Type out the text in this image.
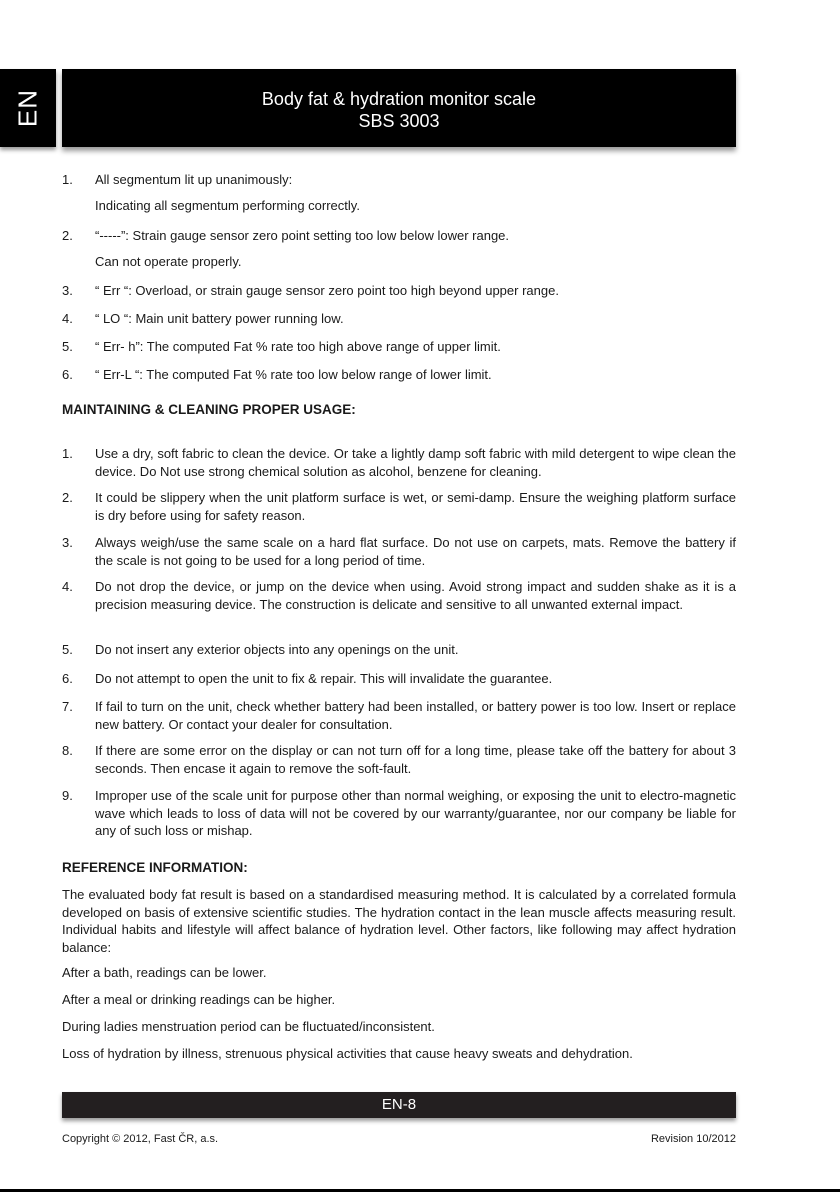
EN	Body fat & hydration monitor scale
SBS 3003
1. All segmentum lit up unanimously:
Indicating all segmentum performing correctly.
2. “-----”: Strain gauge sensor zero point setting too low below lower range.
Can not operate properly.
3. “ Err “: Overload, or strain gauge sensor zero point too high beyond upper range.
4. “ LO “: Main unit battery power running low.
5. “ Err- h”: The computed Fat % rate too high above range of upper limit.
6. “ Err-L “: The computed Fat % rate too low below range of lower limit.
MAINTAINING & CLEANING PROPER USAGE:
1. Use a dry, soft fabric to clean the device. Or take a lightly damp soft fabric with mild detergent to wipe clean the device. Do Not use strong chemical solution as alcohol, benzene for cleaning.
2. It could be slippery when the unit platform surface is wet, or semi-damp. Ensure the weighing platform surface is dry before using for safety reason.
3. Always weigh/use the same scale on a hard flat surface. Do not use on carpets, mats. Remove the battery if the scale is not going to be used for a long period of time.
4. Do not drop the device, or jump on the device when using. Avoid strong impact and sudden shake as it is a precision measuring device. The construction is delicate and sensitive to all unwanted external impact.
5. Do not insert any exterior objects into any openings on the unit.
6. Do not attempt to open the unit to fix & repair. This will invalidate the guarantee.
7. If fail to turn on the unit, check whether battery had been installed, or battery power is too low. Insert or replace new battery. Or contact your dealer for consultation.
8. If there are some error on the display or can not turn off for a long time, please take off the battery for about 3 seconds. Then encase it again to remove the soft-fault.
9. Improper use of the scale unit for purpose other than normal weighing, or exposing the unit to electro-magnetic wave which leads to loss of data will not be covered by our warranty/guarantee, nor our company be liable for any of such loss or mishap.
REFERENCE INFORMATION:
The evaluated body fat result is based on a standardised measuring method. It is calculated by a correlated formula developed on basis of extensive scientific studies. The hydration contact in the lean muscle affects measuring result. Individual habits and lifestyle will affect balance of hydration level. Other factors, like following may affect hydration balance:
After a bath, readings can be lower.
After a meal or drinking readings can be higher.
During ladies menstruation period can be fluctuated/inconsistent.
Loss of hydration by illness, strenuous physical activities that cause heavy sweats and dehydration.
EN-8
Copyright © 2012, Fast ČR, a.s.	Revision 10/2012
